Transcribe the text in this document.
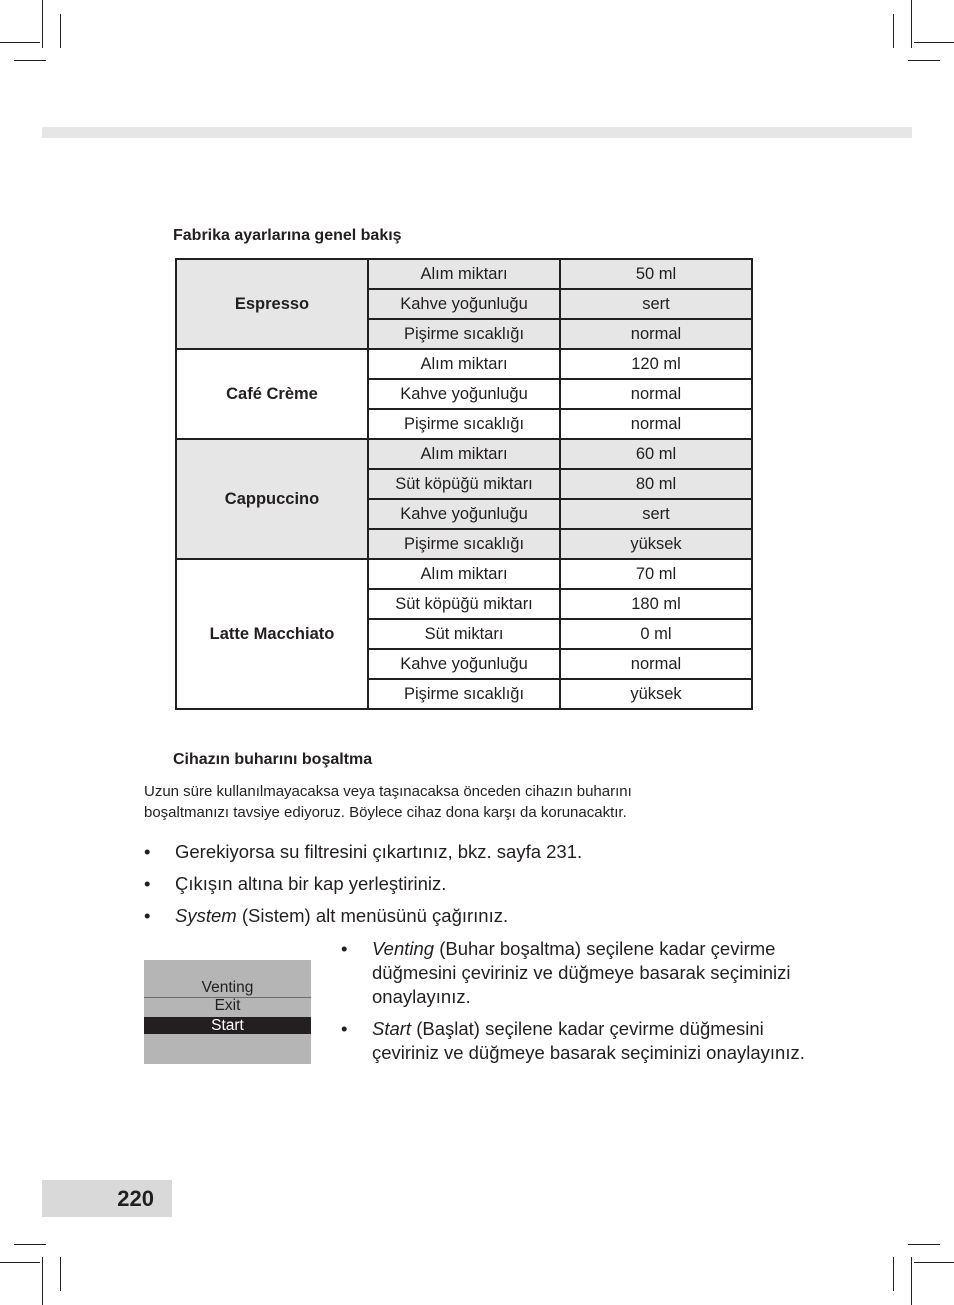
Fabrika ayarlarına genel bakış
Espresso	Alım miktarı	50 ml
	Kahve yoğunluğu	sert
	Pişirme sıcaklığı	normal
Café Crème	Alım miktarı	120 ml
	Kahve yoğunluğu	normal
	Pişirme sıcaklığı	normal
Cappuccino	Alım miktarı	60 ml
	Süt köpüğü miktarı	80 ml
	Kahve yoğunluğu	sert
	Pişirme sıcaklığı	yüksek
Latte Macchiato	Alım miktarı	70 ml
	Süt köpüğü miktarı	180 ml
	Süt miktarı	0 ml
	Kahve yoğunluğu	normal
	Pişirme sıcaklığı	yüksek
Cihazın buharını boşaltma
Uzun süre kullanılmayacaksa veya taşınacaksa önceden cihazın buharını
boşaltmanızı tavsiye ediyoruz. Böylece cihaz dona karşı da korunacaktır.
• Gerekiyorsa su filtresini çıkartınız, bkz. sayfa 231.
• Çıkışın altına bir kap yerleştiriniz.
• System (Sistem) alt menüsünü çağırınız.
Venting
Exit
Start
• Venting (Buhar boşaltma) seçilene kadar çevirme düğmesini çeviriniz ve düğmeye basarak seçiminizi onaylayınız.
• Start (Başlat) seçilene kadar çevirme düğmesini çeviriniz ve düğmeye basarak seçiminizi onaylayınız.
220
